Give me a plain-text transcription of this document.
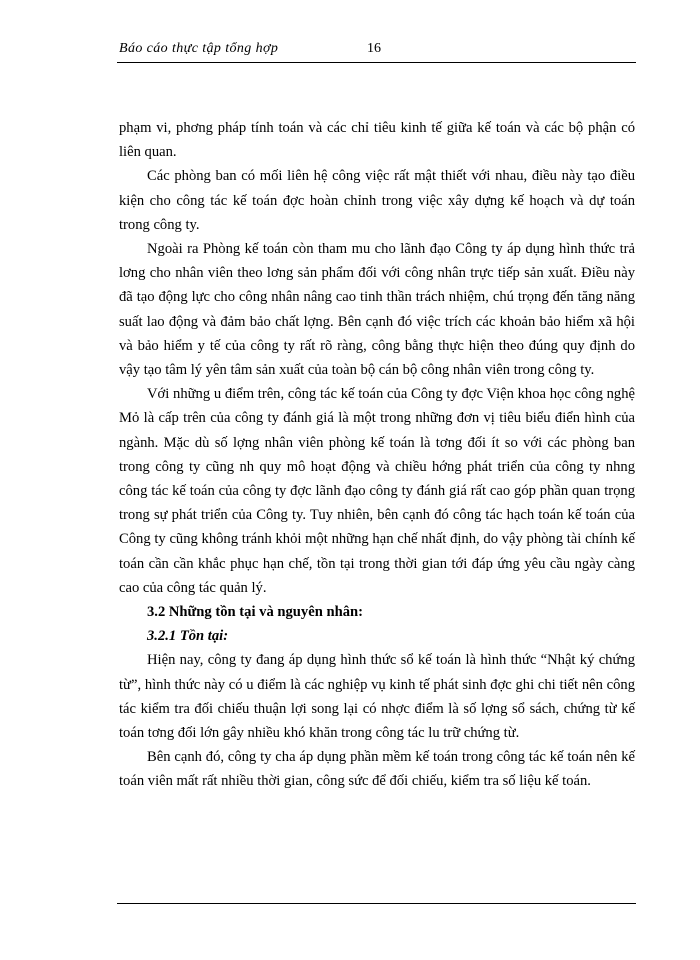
Báo cáo thực tập tổng hợp	16

phạm vi, phơng pháp tính toán và các chỉ tiêu kinh tế giữa kế toán và các bộ phận có liên quan.

Các phòng ban có mối liên hệ công việc rất mật thiết với nhau, điều này tạo điều kiện cho công tác kế toán đợc hoàn chỉnh trong việc xây dựng kế hoạch và dự toán trong công ty.

Ngoài ra Phòng kế toán còn tham mu cho lãnh đạo Công ty áp dụng hình thức trả lơng cho nhân viên theo lơng sản phẩm đối với công nhân trực tiếp sản xuất. Điều này đã tạo động lực cho công nhân nâng cao tinh thần trách nhiệm, chú trọng đến tăng năng suất lao động và đảm bảo chất lợng. Bên cạnh đó việc trích các khoản bảo hiểm xã hội và bảo hiểm y tế của công ty rất rõ ràng, công bằng thực hiện theo đúng quy định do vậy tạo tâm lý yên tâm sản xuất của toàn bộ cán bộ công nhân viên trong công ty.

Với những u điểm trên, công tác kế toán của Công ty đợc Viện khoa học công nghệ Mỏ là cấp trên của công ty đánh giá là một trong những đơn vị tiêu biểu điển hình của ngành. Mặc dù số lợng nhân viên phòng kế toán là tơng đối ít so với các phòng ban trong công ty cũng nh quy mô hoạt động và chiều hớng phát triển của công ty nhng công tác kế toán của công ty đợc lãnh đạo công ty đánh giá rất cao góp phần quan trọng trong sự phát triển của Công ty. Tuy nhiên, bên cạnh đó công tác hạch toán kế toán của Công ty cũng không tránh khỏi một những hạn chế nhất định, do vậy phòng tài chính kế toán cần cần khắc phục hạn chế, tồn tại trong thời gian tới đáp ứng yêu cầu ngày càng cao của công tác quản lý.

3.2 Những tồn tại và nguyên nhân:

3.2.1 Tồn tại:

Hiện nay, công ty đang áp dụng hình thức sổ kế toán là hình thức “Nhật ký chứng từ”, hình thức này có u điểm là các nghiệp vụ kinh tế phát sinh đợc ghi chi tiết nên công tác kiểm tra đối chiếu thuận lợi song lại có nhợc điểm là số lợng sổ sách, chứng từ kế toán tơng đối lớn gây nhiều khó khăn trong công tác lu trữ chứng từ.

Bên cạnh đó, công ty cha áp dụng phần mềm kế toán trong công tác kế toán nên kế toán viên mất rất nhiều thời gian, công sức để đối chiếu, kiểm tra số liệu kế toán.
